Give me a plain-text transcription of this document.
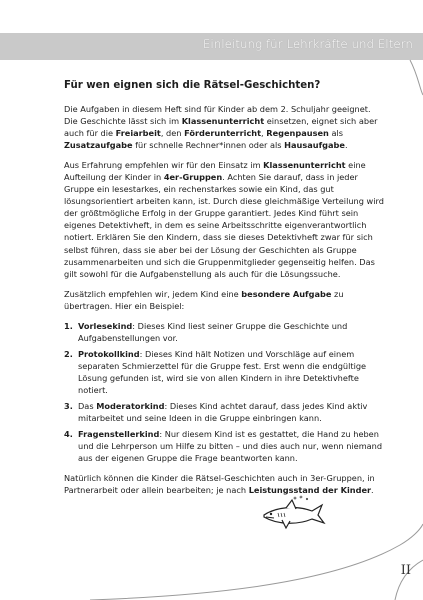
Einleitung für Lehrkräfte und Eltern
Für wen eignen sich die Rätsel-Geschichten?

Die Aufgaben in diesem Heft sind für Kinder ab dem 2. Schuljahr geeignet. Die Geschichte lässt sich im Klassenunterricht einsetzen, eignet sich aber auch für die Freiarbeit, den Förderunterricht, Regenpausen als Zusatzaufgabe für schnelle Rechner*innen oder als Hausaufgabe.

Aus Erfahrung empfehlen wir für den Einsatz im Klassenunterricht eine Aufteilung der Kinder in 4er-Gruppen. Achten Sie darauf, dass in jeder Gruppe ein lesestarkes, ein rechenstarkes sowie ein Kind, das gut lösungsorientiert arbeiten kann, ist. Durch diese gleichmäßige Verteilung wird der größtmögliche Erfolg in der Gruppe garantiert. Jedes Kind führt sein eigenes Detektivheft, in dem es seine Arbeitsschritte eigenverantwortlich notiert. Erklären Sie den Kindern, dass sie dieses Detektivheft zwar für sich selbst führen, dass sie aber bei der Lösung der Geschichten als Gruppe zusammenarbeiten und sich die Gruppenmitglieder gegenseitig helfen. Das gilt sowohl für die Aufgabenstellung als auch für die Lösungssuche.

Zusätzlich empfehlen wir, jedem Kind eine besondere Aufgabe zu übertragen. Hier ein Beispiel:

1. Vorlesekind: Dieses Kind liest seiner Gruppe die Geschichte und Aufgabenstellungen vor.
2. Protokollkind: Dieses Kind hält Notizen und Vorschläge auf einem separaten Schmierzettel für die Gruppe fest. Erst wenn die endgültige Lösung gefunden ist, wird sie von allen Kindern in ihre Detektivhefte notiert.
3. Das Moderatorkind: Dieses Kind achtet darauf, dass jedes Kind aktiv mitarbeitet und seine Ideen in die Gruppe einbringen kann.
4. Fragenstellerkind: Nur diesem Kind ist es gestattet, die Hand zu heben und die Lehrperson um Hilfe zu bitten – und dies auch nur, wenn niemand aus der eigenen Gruppe die Frage beantworten kann.

Natürlich können die Kinder die Rätsel-Geschichten auch in 3er-Gruppen, in Partnerarbeit oder allein bearbeiten; je nach Leistungsstand der Kinder.

II
